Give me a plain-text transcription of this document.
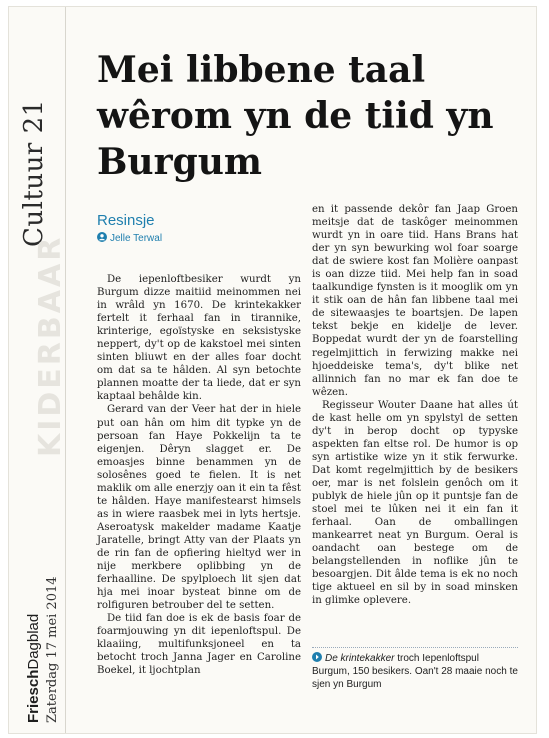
Cultuur 21
KIDERBAAR
FrieschDagblad Zaterdag 17 mei 2014
Mei libbene taal wêrom yn de tiid yn Burgum
Resinsje
Jelle Terwal

De iepenloftbesiker wurdt yn Burgum dizze maitiid meinommen nei in wrâld yn 1670. De krintekakker fertelt it ferhaal fan in tirannike, krinterige, egoïstyske en seksistyske neppert, dy't op de kakstoel mei sinten sinten bliuwt en der alles foar docht om dat sa te hâlden. Al syn betochte plannen moatte der ta liede, dat er syn kaptaal behâlde kin.

Gerard van der Veer hat der in hiele put oan hân om him dit typke yn de persoan fan Haye Pokkelijn ta te eigenjen. Dêryn slagget er. De emoasjes binne benammen yn de solosênes goed te fielen. It is net maklik om alle enerzjy oan it ein ta fêst te hâlden. Haye manifestearst himsels as in wiere raasbek mei in lyts hertsje. Aseroatysk makelder madame Kaatje Jaratelle, bringt Atty van der Plaats yn de rin fan de opfiering hieltyd wer in nije merkbere oplibbing yn de ferhaalline. De spylploech lit sjen dat hja mei inoar bysteat binne om de rolfiguren betrouber del te setten.

De tiid fan doe is ek de basis foar de foarmjouwing yn dit iepenloftspul. De klaaiing, multifunksjoneel en ta betocht troch Janna Jager en Caroline Boekel, it ljochtplan

en it passende dekôr fan Jaap Groen meitsje dat de taskôger meinommen wurdt yn in oare tiid. Hans Brans hat der yn syn bewurking wol foar soarge dat de swiere kost fan Molière oanpast is oan dizze tiid. Mei help fan in soad taalkundige fynsten is it mooglik om yn it stik oan de hân fan libbene taal mei de sitewaasjes te boartsjen. De lapen tekst bekje en kidelje de lever. Boppedat wurdt der yn de foarstelling regelmjittich in ferwizing makke nei hjoeddeiske tema's, dy't blike net allinnich fan no mar ek fan doe te wêzen.

Regisseur Wouter Daane hat alles út de kast helle om yn spylstyl de setten dy't in berop docht op typyske aspekten fan eltse rol. De humor is op syn artistike wize yn it stik ferwurke. Dat komt regelmjittich by de besikers oer, mar is net folslein genôch om it publyk de hiele jûn op it puntsje fan de stoel mei te lûken nei it ein fan it ferhaal. Oan de omballingen mankearret neat yn Burgum. Oeral is oandacht oan bestege om de belangstellenden in noflike jûn te besoargjen. Dit âlde tema is ek no noch tige aktueel en sil by in soad minsken in glimke oplevere.

De krintekakker troch Iepenloftspul Burgum, 150 besikers. Oan't 28 maaie noch te sjen yn Burgum
